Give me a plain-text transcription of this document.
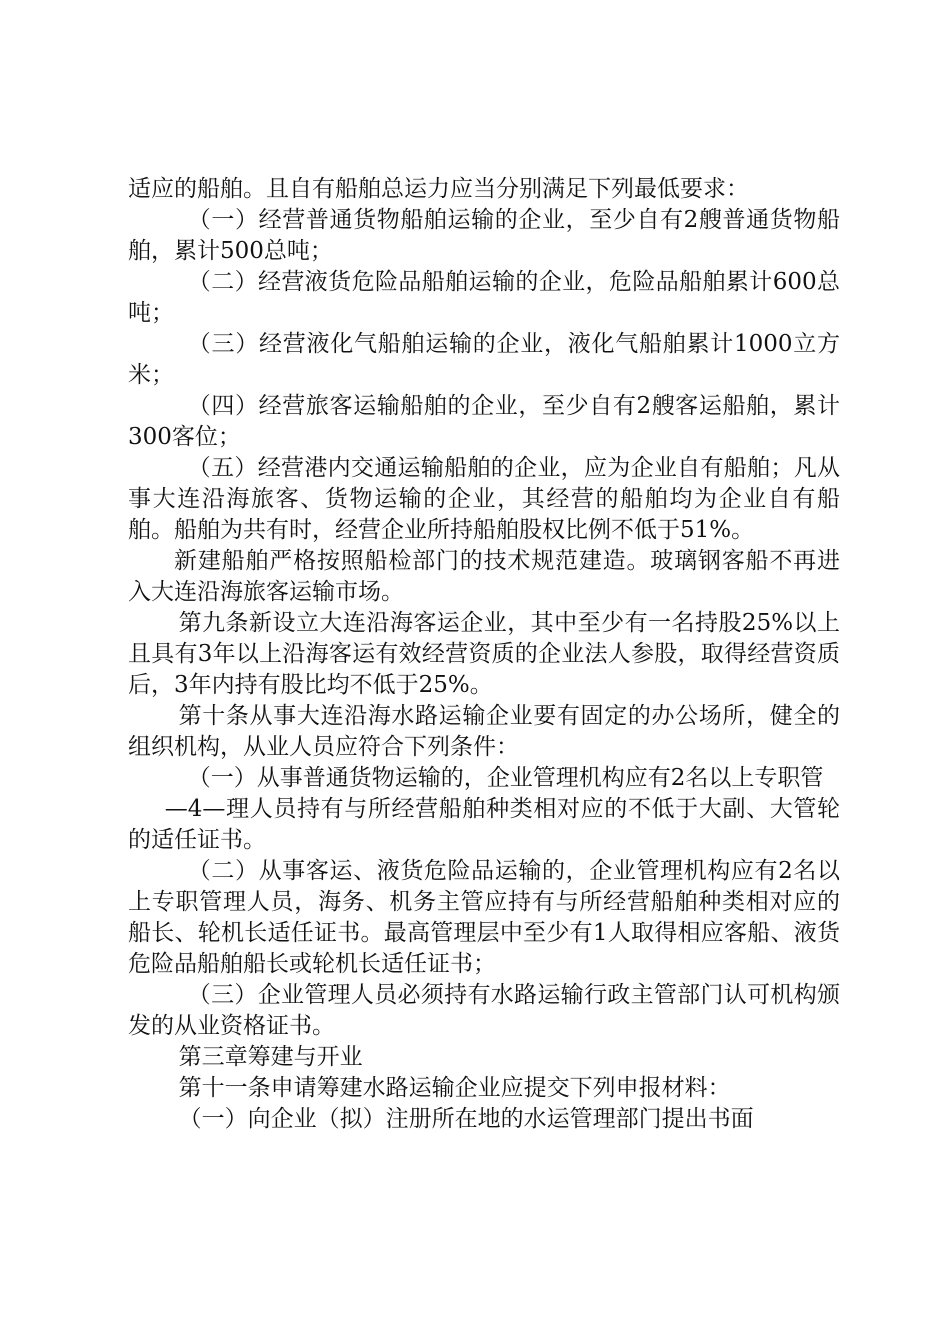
适应的船舶。且自有船舶总运力应当分别满足下列最低要求：

（一）经营普通货物船舶运输的企业，至少自有2艘普通货物船舶，累计500总吨；

（二）经营液货危险品船舶运输的企业，危险品船舶累计600总吨；

（三）经营液化气船舶运输的企业，液化气船舶累计1000立方米；

（四）经营旅客运输船舶的企业，至少自有2艘客运船舶，累计300客位；

（五）经营港内交通运输船舶的企业，应为企业自有船舶；凡从事大连沿海旅客、货物运输的企业，其经营的船舶均为企业自有船舶。船舶为共有时，经营企业所持船舶股权比例不低于51%。

新建船舶严格按照船检部门的技术规范建造。玻璃钢客船不再进入大连沿海旅客运输市场。

第九条新设立大连沿海客运企业，其中至少有一名持股25%以上且具有3年以上沿海客运有效经营资质的企业法人参股，取得经营资质后，3年内持有股比均不低于25%。

第十条从事大连沿海水路运输企业要有固定的办公场所，健全的组织机构，从业人员应符合下列条件：

（一）从事普通货物运输的，企业管理机构应有2名以上专职管

—4—理人员持有与所经营船舶种类相对应的不低于大副、大管轮的适任证书。

（二）从事客运、液货危险品运输的，企业管理机构应有2名以上专职管理人员，海务、机务主管应持有与所经营船舶种类相对应的船长、轮机长适任证书。最高管理层中至少有1人取得相应客船、液货危险品船舶船长或轮机长适任证书；

（三）企业管理人员必须持有水路运输行政主管部门认可机构颁发的从业资格证书。

第三章筹建与开业

第十一条申请筹建水路运输企业应提交下列申报材料：

（一）向企业（拟）注册所在地的水运管理部门提出书面
